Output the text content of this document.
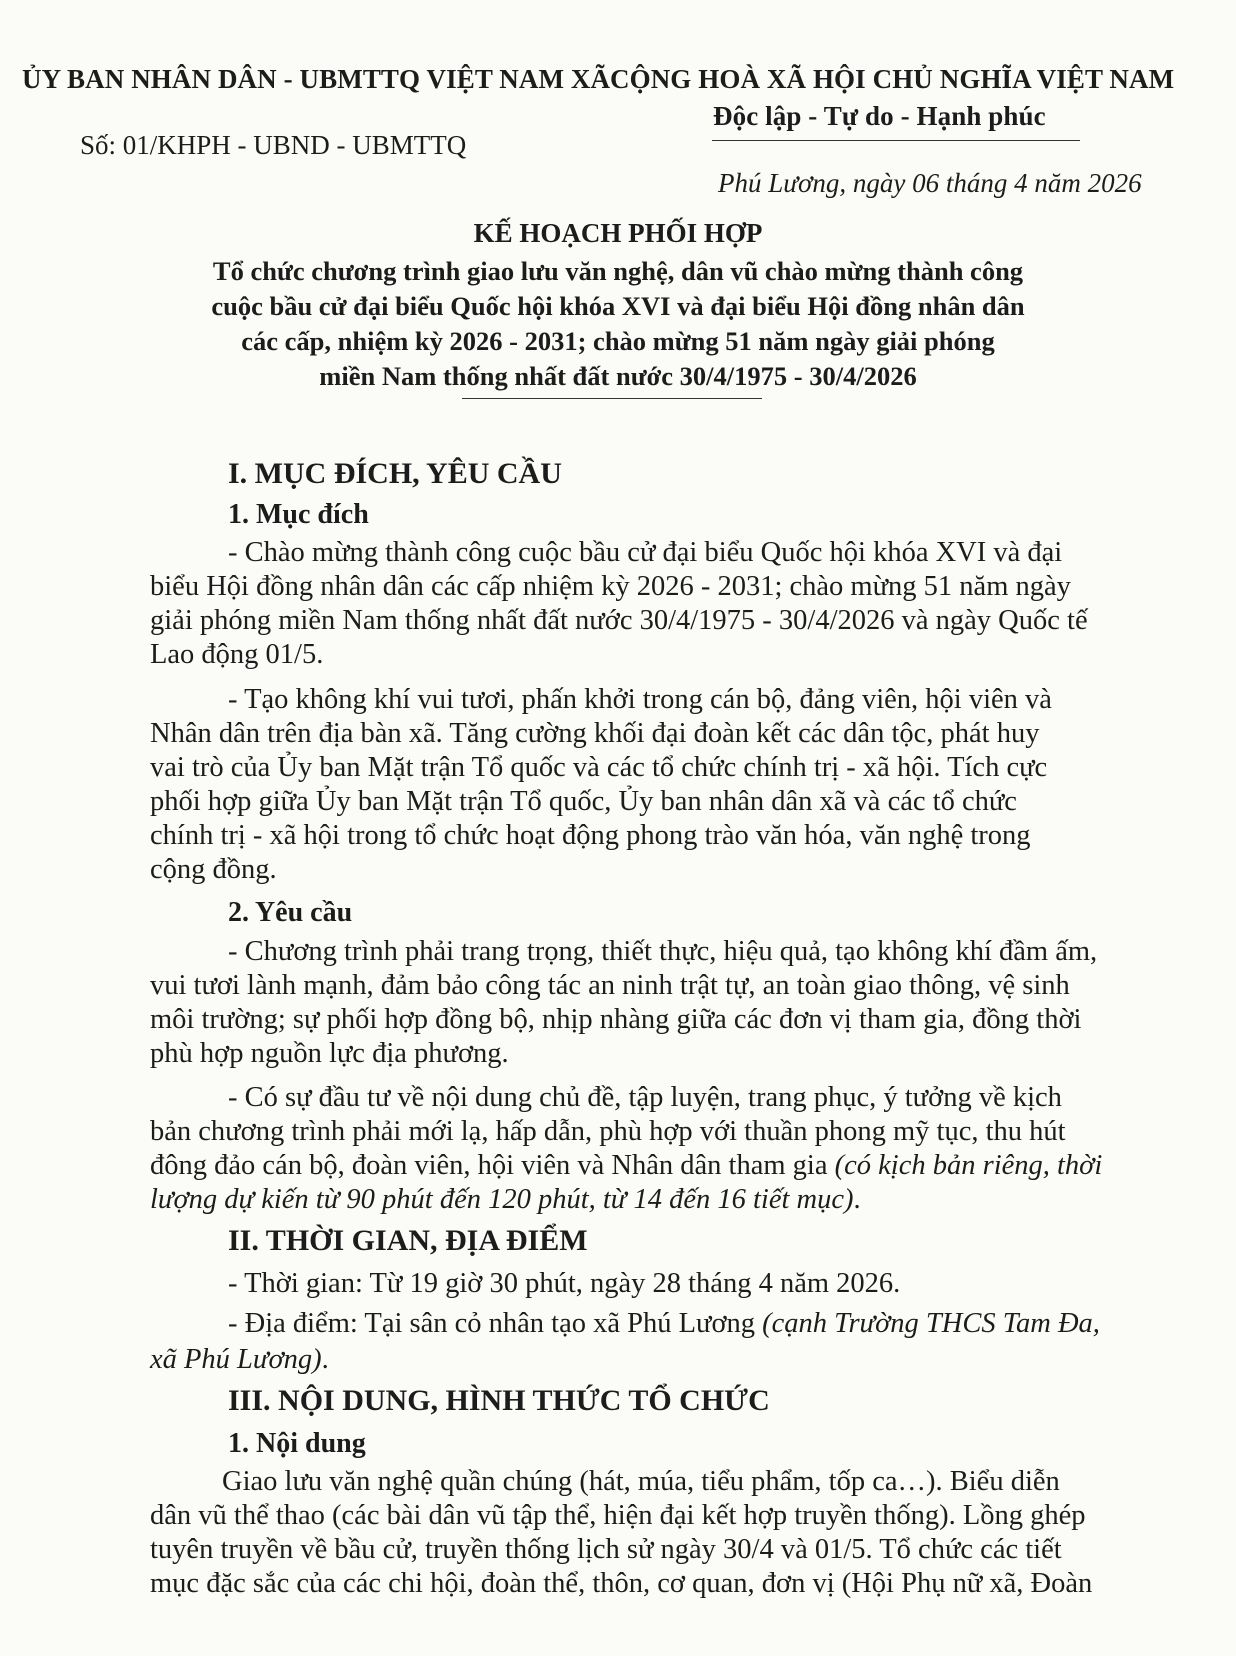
ỦY BAN NHÂN DÂN - UBMTTQ VIỆT NAM XÃ
Số: 01/KHPH - UBND - UBMTTQ
CỘNG HOÀ XÃ HỘI CHỦ NGHĨA VIỆT NAM
Độc lập - Tự do - Hạnh phúc
Phú Lương, ngày 06 tháng 4 năm 2026
KẾ HOẠCH PHỐI HỢP
Tổ chức chương trình giao lưu văn nghệ, dân vũ chào mừng thành công
cuộc bầu cử đại biểu Quốc hội khóa XVI và đại biểu Hội đồng nhân dân
các cấp, nhiệm kỳ 2026 - 2031; chào mừng 51 năm ngày giải phóng
miền Nam thống nhất đất nước 30/4/1975 - 30/4/2026
I. MỤC ĐÍCH, YÊU CẦU
1. Mục đích
- Chào mừng thành công cuộc bầu cử đại biểu Quốc hội khóa XVI và đại
biểu Hội đồng nhân dân các cấp nhiệm kỳ 2026 - 2031; chào mừng 51 năm ngày
giải phóng miền Nam thống nhất đất nước 30/4/1975 - 30/4/2026 và ngày Quốc tế
Lao động 01/5.
- Tạo không khí vui tươi, phấn khởi trong cán bộ, đảng viên, hội viên và
Nhân dân trên địa bàn xã. Tăng cường khối đại đoàn kết các dân tộc, phát huy
vai trò của Ủy ban Mặt trận Tổ quốc và các tổ chức chính trị - xã hội. Tích cực
phối hợp giữa Ủy ban Mặt trận Tổ quốc, Ủy ban nhân dân xã và các tổ chức
chính trị - xã hội trong tổ chức hoạt động phong trào văn hóa, văn nghệ trong
cộng đồng.
2. Yêu cầu
- Chương trình phải trang trọng, thiết thực, hiệu quả, tạo không khí đầm ấm,
vui tươi lành mạnh, đảm bảo công tác an ninh trật tự, an toàn giao thông, vệ sinh
môi trường; sự phối hợp đồng bộ, nhịp nhàng giữa các đơn vị tham gia, đồng thời
phù hợp nguồn lực địa phương.
- Có sự đầu tư về nội dung chủ đề, tập luyện, trang phục, ý tưởng về kịch
bản chương trình phải mới lạ, hấp dẫn, phù hợp với thuần phong mỹ tục, thu hút
đông đảo cán bộ, đoàn viên, hội viên và Nhân dân tham gia (có kịch bản riêng, thời
lượng dự kiến từ 90 phút đến 120 phút, từ 14 đến 16 tiết mục).
II. THỜI GIAN, ĐỊA ĐIỂM
- Thời gian: Từ 19 giờ 30 phút, ngày 28 tháng 4 năm 2026.
- Địa điểm: Tại sân cỏ nhân tạo xã Phú Lương (cạnh Trường THCS Tam Đa,
xã Phú Lương).
III. NỘI DUNG, HÌNH THỨC TỔ CHỨC
1. Nội dung
Giao lưu văn nghệ quần chúng (hát, múa, tiểu phẩm, tốp ca…). Biểu diễn
dân vũ thể thao (các bài dân vũ tập thể, hiện đại kết hợp truyền thống). Lồng ghép
tuyên truyền về bầu cử, truyền thống lịch sử ngày 30/4 và 01/5. Tổ chức các tiết
mục đặc sắc của các chi hội, đoàn thể, thôn, cơ quan, đơn vị (Hội Phụ nữ xã, Đoàn
